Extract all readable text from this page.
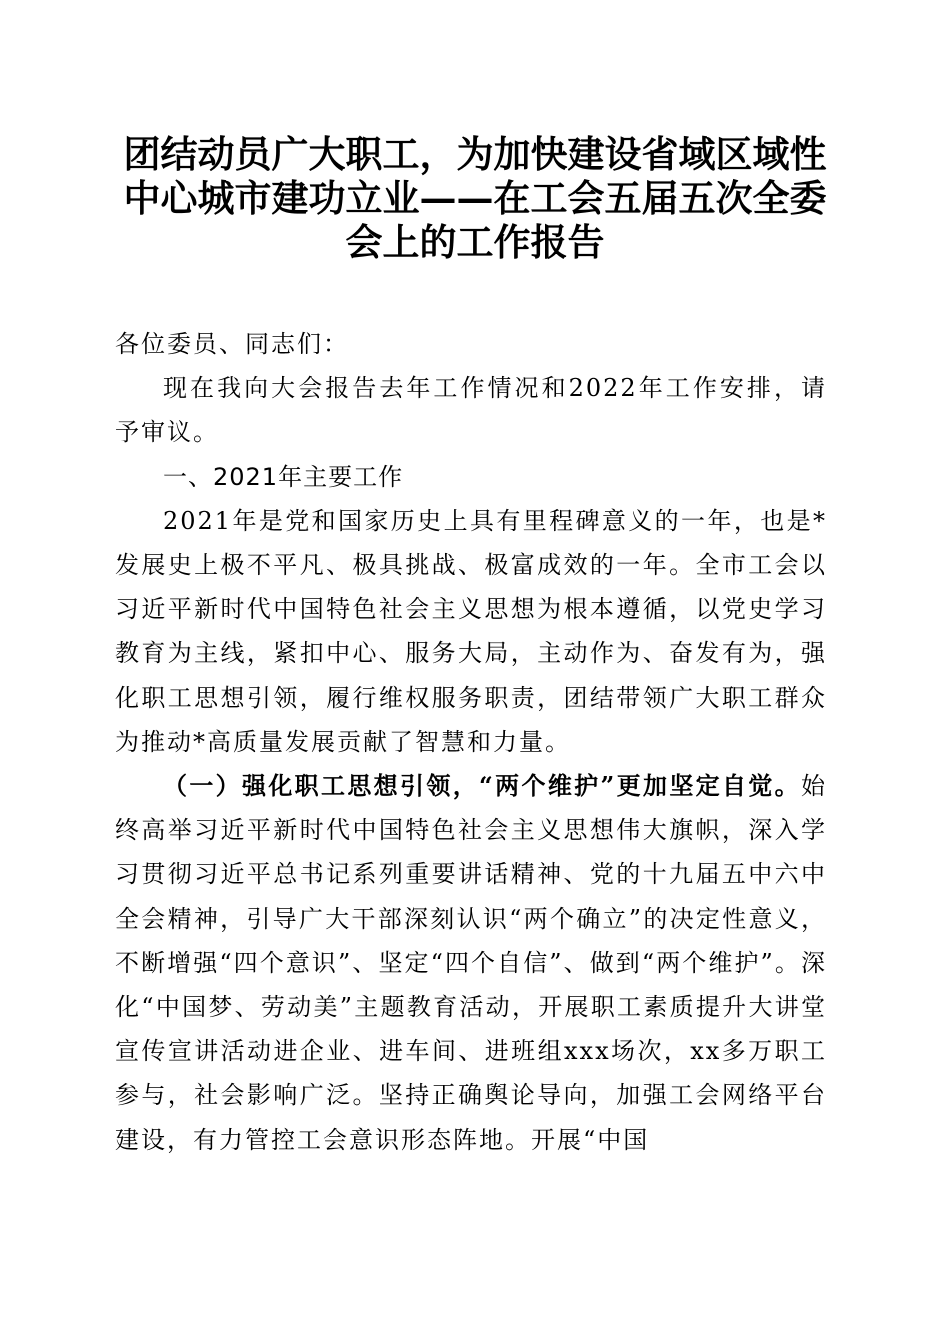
团结动员广大职工，为加快建设省域区域性中心城市建功立业——在工会五届五次全委会上的工作报告

各位委员、同志们：

现在我向大会报告去年工作情况和2022年工作安排，请予审议。

一、2021年主要工作

2021年是党和国家历史上具有里程碑意义的一年，也是*发展史上极不平凡、极具挑战、极富成效的一年。全市工会以习近平新时代中国特色社会主义思想为根本遵循，以党史学习教育为主线，紧扣中心、服务大局，主动作为、奋发有为，强化职工思想引领，履行维权服务职责，团结带领广大职工群众为推动*高质量发展贡献了智慧和力量。

（一）强化职工思想引领，“两个维护”更加坚定自觉。始终高举习近平新时代中国特色社会主义思想伟大旗帜，深入学习贯彻习近平总书记系列重要讲话精神、党的十九届五中六中全会精神，引导广大干部深刻认识“两个确立”的决定性意义，不断增强“四个意识”、坚定“四个自信”、做到“两个维护”。深化“中国梦、劳动美”主题教育活动，开展职工素质提升大讲堂宣传宣讲活动进企业、进车间、进班组xxx场次，xx多万职工参与，社会影响广泛。坚持正确舆论导向，加强工会网络平台建设，有力管控工会意识形态阵地。开展“中国
